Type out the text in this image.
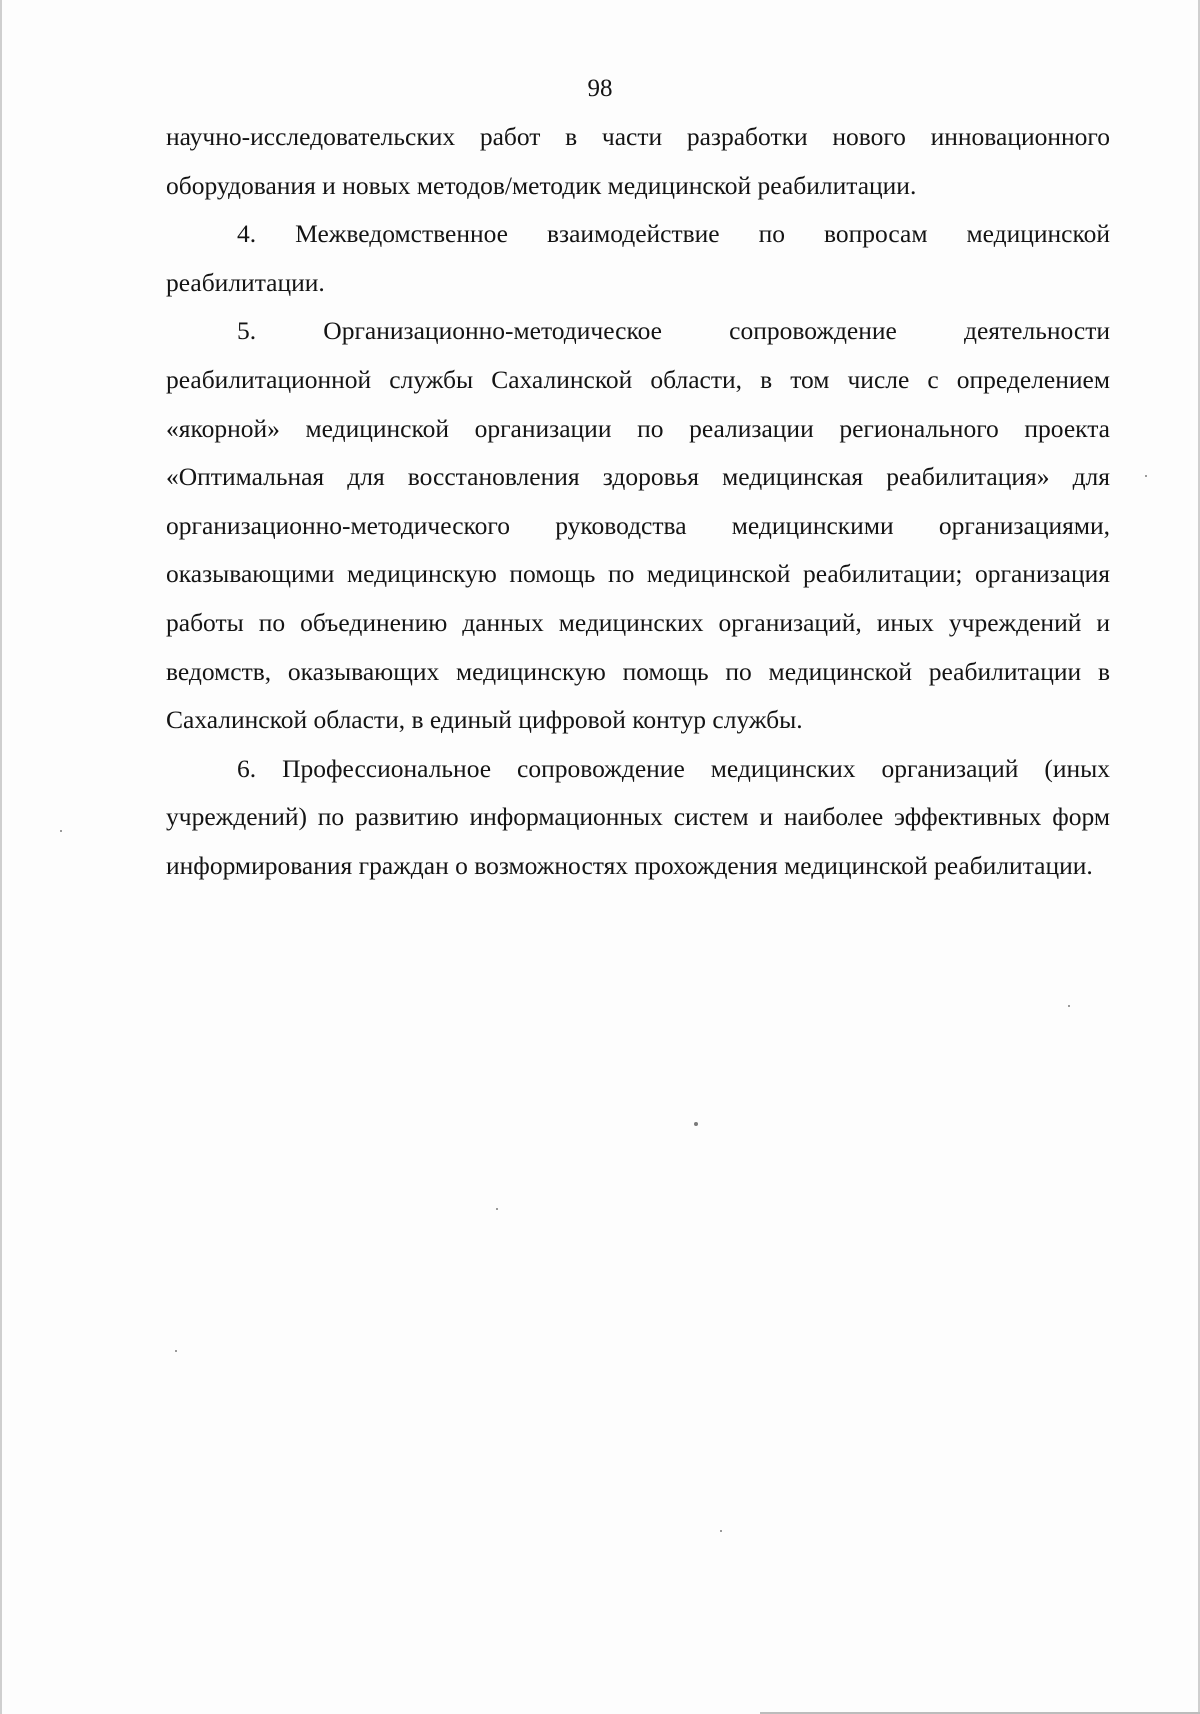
98

научно-исследовательских работ в части разработки нового инновационного оборудования и новых методов/методик медицинской реабилитации.

4. Межведомственное взаимодействие по вопросам медицинской реабилитации.

5. Организационно-методическое сопровождение деятельности реабилитационной службы Сахалинской области, в том числе с определением «якорной» медицинской организации по реализации регионального проекта «Оптимальная для восстановления здоровья медицинская реабилитация» для организационно-методического руководства медицинскими организациями, оказывающими медицинскую помощь по медицинской реабилитации; организация работы по объединению данных медицинских организаций, иных учреждений и ведомств, оказывающих медицинскую помощь по медицинской реабилитации в Сахалинской области, в единый цифровой контур службы.

6. Профессиональное сопровождение медицинских организаций (иных учреждений) по развитию информационных систем и наиболее эффективных форм информирования граждан о возможностях прохождения медицинской реабилитации.
